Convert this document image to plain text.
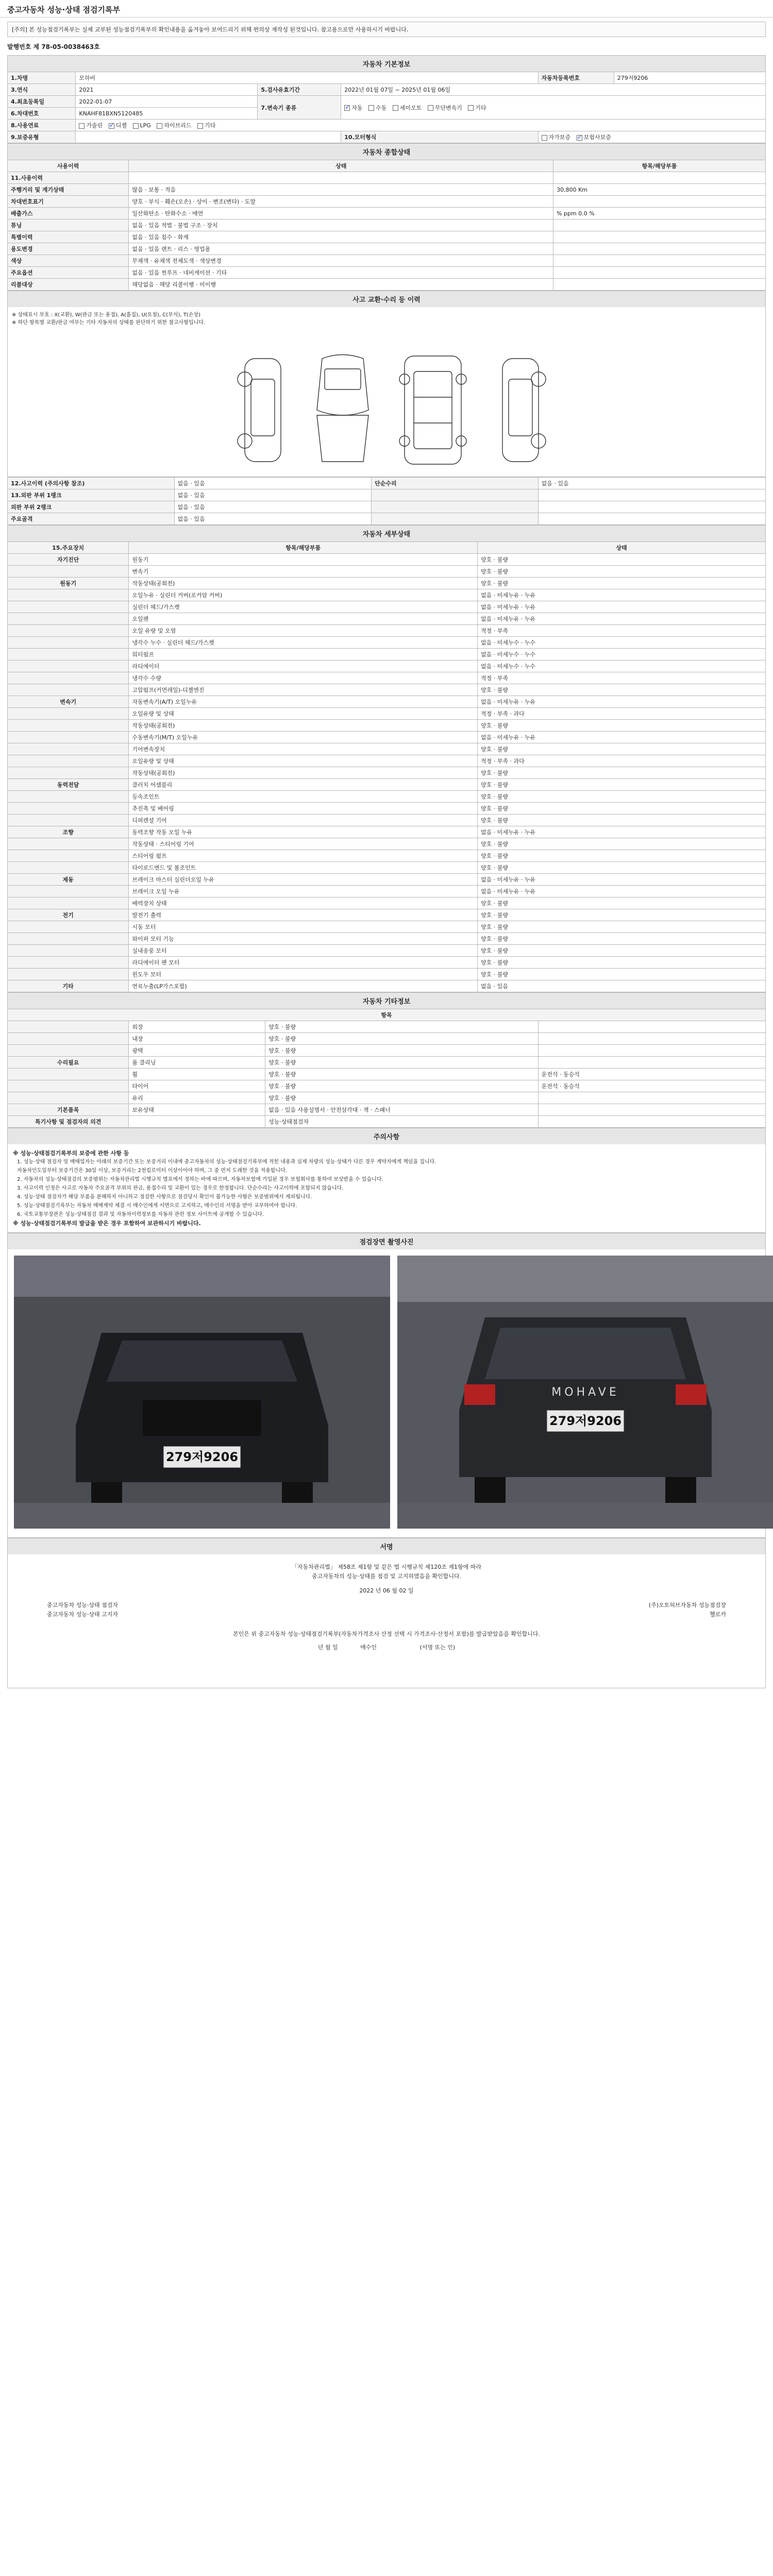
중고자동차 성능·상태 점검기록부
[주의] 본 성능점검기록부는 실제 교부된 성능점검기록부의 확인내용을 옮겨놓아 보여드리기 위해 편의상 재작성 된것입니다. 참고용으로만 사용하시기 바랍니다.
발행번호 제 78-05-0038463호
자동차 기본정보
1.차명	모하비			자동차등록번호	279저9206
3.연식	2021	5.검사유효기간	2022년 01월 07일 ~ 2025년 01월 06일		
4.최초등록일	2022-01-07	7.변속기 종류	✓자동 수동 세미오토 무단변속기 기타
6.차대번호	KNAHF81BXN5120485				
8.사용연료	가솔린 ✓ 디젤 LPG 하이브리드 기타
9.보증유형			10.모터형식	자가보증 ✓ 보험사보증
자동차 종합상태
사용이력	상태	항목/해당부품
11.사용이력		
주행거리 및 계기상태	많음 · 보통 · 적음	30,800 Km
차대번호표기	양호 · 부식 · 훼손(오손) · 상이 · 변조(변타) · 도말	
배출가스	일산화탄소 · 탄화수소 · 매연	% ppm 0.0 %
튜닝	없음 · 있음 적법 · 불법 구조 · 장치	
특별이력	없음 · 있음 침수 · 화재	
용도변경	없음 · 있음 렌트 · 리스 · 영업용	
색상	무채색 · 유채색 전체도색 · 색상변경	
주요옵션	없음 · 있음 썬루프 · 네비게이션 · 기타	
리콜대상	해당없음 · 해당 리콜이행 · 미이행	
사고 교환·수리 등 이력
※ 상태표시 부호 : X(교환), W(판금 또는 용접), A(흠집), U(요철), C(부식), T(손상)
※ 하단 항목별 교환/판금 여부는 기타 자동차의 상태를 판단하기 위한 참고사항입니다.
12.사고이력 (주의사항 참조)	없음 · 있음	단순수리	없음 · 있음
13.외판 부위 1랭크	없음 · 있음		
외판 부위 2랭크	없음 · 있음		
주요골격	없음 · 있음		
자동차 세부상태
15.주요장치	항목/해당부품	상태
자기진단	원동기	양호 · 불량
	변속기	양호 · 불량
원동기	작동상태(공회전)	양호 · 불량
	오일누유 · 실린더 커버(로커암 커버)	없음 · 미세누유 · 누유
	실린더 헤드/가스켓	없음 · 미세누유 · 누유
	오일팬	없음 · 미세누유 · 누유
	오일 유량 및 오염	적정 · 부족
	냉각수 누수 · 실린더 헤드/가스켓	없음 · 미세누수 · 누수
	워터펌프	없음 · 미세누수 · 누수
	라디에이터	없음 · 미세누수 · 누수
	냉각수 수량	적정 · 부족
	고압펌프(커먼레일)-디젤엔진	양호 · 불량
변속기	자동변속기(A/T) 오일누유	없음 · 미세누유 · 누유
	오일유량 및 상태	적정 · 부족 · 과다
	작동상태(공회전)	양호 · 불량
	수동변속기(M/T) 오일누유	없음 · 미세누유 · 누유
	기어변속장치	양호 · 불량
	오일유량 및 상태	적정 · 부족 · 과다
	작동상태(공회전)	양호 · 불량
동력전달	클러치 어셈블리	양호 · 불량
	등속조인트	양호 · 불량
	추진축 및 베어링	양호 · 불량
	디퍼렌셜 기어	양호 · 불량
조향	동력조향 작동 오일 누유	없음 · 미세누유 · 누유
	작동상태 · 스티어링 기어	양호 · 불량
	스티어링 펌프	양호 · 불량
	타이로드엔드 및 볼조인트	양호 · 불량
제동	브레이크 마스터 실린더오일 누유	없음 · 미세누유 · 누유
	브레이크 오일 누유	없음 · 미세누유 · 누유
	배력장치 상태	양호 · 불량
전기	발전기 출력	양호 · 불량
	시동 모터	양호 · 불량
	와이퍼 모터 기능	양호 · 불량
	실내송풍 모터	양호 · 불량
	라디에이터 팬 모터	양호 · 불량
	윈도우 모터	양호 · 불량
기타	연료누출(LP가스포함)	없음 · 있음
자동차 기타정보
항목			
	외장	양호 · 불량	
	내장	양호 · 불량	
	광택	양호 · 불량	
수리필요	룸 클리닝	양호 · 불량	
	휠	양호 · 불량	운전석 · 동승석
	타이어	양호 · 불량	운전석 · 동승석
	유리	양호 · 불량	
기본품목	보유상태	없음 · 있음 사용설명서 · 안전삼각대 · 잭 · 스패너	
특기사항 및 점검자의 의견		성능·상태점검자	
주의사항
※ 성능·상태점검기록부의 보증에 관한 사항 등

1. 성능·상태 점검자 및 매매업자는 아래의 보증기간 또는 보증거리 이내에 중고자동차의 성능·상태점검기록부에 적힌 내용과 실제 차량의 성능·상태가 다른 경우 계약자에게 책임을 집니다.

자동차인도일부터 보증기간은 30일 이상, 보증거리는 2천킬로미터 이상이어야 하며, 그 중 먼저 도래한 것을 적용합니다.

2. 자동차의 성능·상태점검의 보증범위는 자동차관리법 시행규칙 별표에서 정하는 바에 따르며, 자동차보험에 가입된 경우 보험회사를 통하여 보상받을 수 있습니다.

3. 사고이력 인정은 사고로 자동차 주요골격 부위의 판금, 용접수리 및 교환이 있는 경우로 한정합니다. 단순수리는 사고이력에 포함되지 않습니다.

4. 성능·상태 점검자가 해당 부품을 분해하지 아니하고 점검한 사항으로 점검당시 확인이 불가능한 사항은 보증범위에서 제외됩니다.

5. 성능·상태점검기록부는 자동차 매매계약 체결 시 매수인에게 서면으로 고지하고, 매수인의 서명을 받아 교부하여야 합니다.

6. 국토교통부장관은 성능·상태점검 결과 및 자동차이력정보를 자동차 관련 정보 사이트에 공개할 수 있습니다.

※ 성능·상태점검기록부의 발급을 받은 경우 포함하여 보관하시기 바랍니다.
점검장면 촬영사진
279저9206
MOHAVE
279저9206
서명
「자동차관리법」 제58조 제1항 및 같은 법 시행규칙 제120조 제1항에 따라
중고자동차의 성능·상태를 점검 및 고지하였음을 확인합니다.
2022 년 06 월 02 일
중고자동차 성능·상태 점검자	(주)오토허브자동차 성능점검장
중고자동차 성능·상태 고지자	헬로카
본인은 위 중고자동차 성능·상태점검기록부(자동차가격조사 산정 선택 시 가격조사·산정서 포함)를 발급받았음을 확인합니다.
년 월 일	매수인	(서명 또는 인)
